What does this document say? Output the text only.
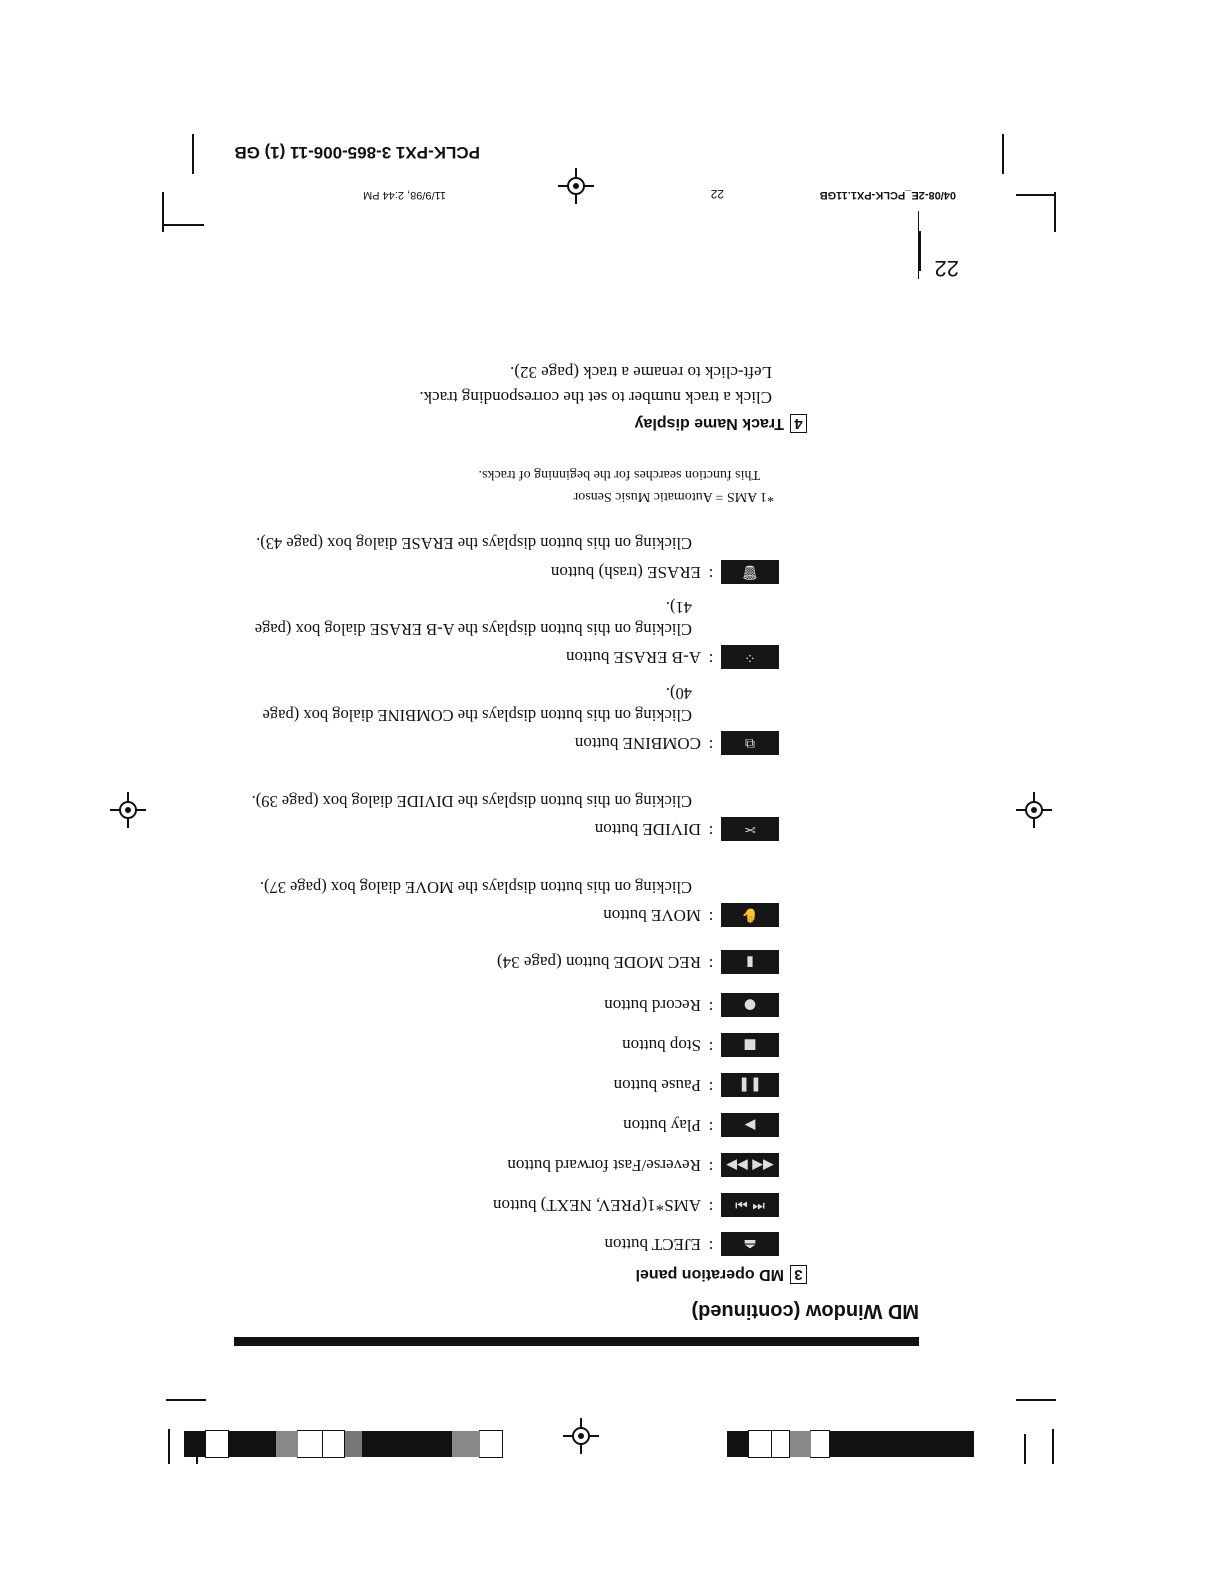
04/08-2E_PCLK-PX1.11GB
22
11/9/98, 2:44 PM
PCLK-PX1 3-865-006-11 (1) GB
22
MD Window (continued)
3MD operation panel
⏏
:
EJECT button
⏮ ⏭
:
AMS*1(PREV, NEXT) button
◀◀ ▶▶
:
Reverse/Fast forward button
▶
:
Play button
❚❚
:
Pause button
■
:
Stop button
●
:
Record button
▮
:
REC MODE button (page 34)
✋
:
MOVE button
Clicking on this button displays the MOVE dialog box (page 37).
✂
:
DIVIDE button
Clicking on this button displays the DIVIDE dialog box (page 39).
⧉
:
COMBINE button
Clicking on this button displays the COMBINE dialog box (page 40).
⁘
:
A-B ERASE button
Clicking on this button displays the A-B ERASE dialog box (page 41).
🗑
:
ERASE (trash) button
Clicking on this button displays the ERASE dialog box (page 43).
*1 AMS = Automatic Music Sensor
This function searches for the beginning of tracks.
4Track Name display
Click a track number to set the corresponding track.
Left-click to rename a track (page 32).
